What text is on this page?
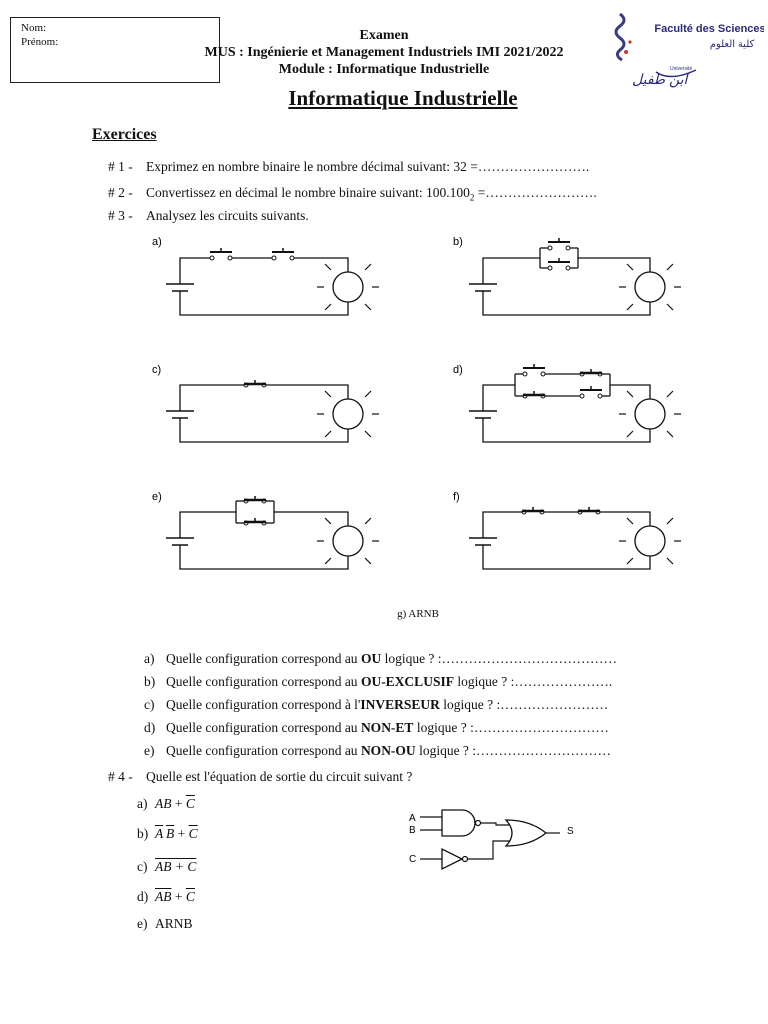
Nom:
Prénom:	Examen
MUS : Ingénierie et Management Industriels IMI 2021/2022
Module : Informatique Industrielle
Faculté des Sciences
كلية العلوم
Université
ابن طفيل
Informatique Industrielle
Exercices
# 1 - Exprimez en nombre binaire le nombre décimal suivant: 32 =…………………….
# 2 - Convertissez en décimal le nombre binaire suivant: $100.100_2$ =…………………….
# 3 - Analysez les circuits suivants.
a)	b)
c)	d)
e)	f)
g) ARNB
a) Quelle configuration correspond au OU logique ? :…………………………………
b) Quelle configuration correspond au OU-EXCLUSIF logique ? :………………….
c) Quelle configuration correspond à l'INVERSEUR logique ? :……………………
d) Quelle configuration correspond au NON-ET logique ? :…………………………
e) Quelle configuration correspond au NON-OU logique ? :…………………………
# 4 - Quelle est l'équation de sortie du circuit suivant ?
a) AB + $\overline{C}$
b) $\overline{A}$  $\overline{B} + \overline{C}$
c) AB + C
d) $\overline{AB} + \overline{C}$
e) ARNB
A
B
C
S
